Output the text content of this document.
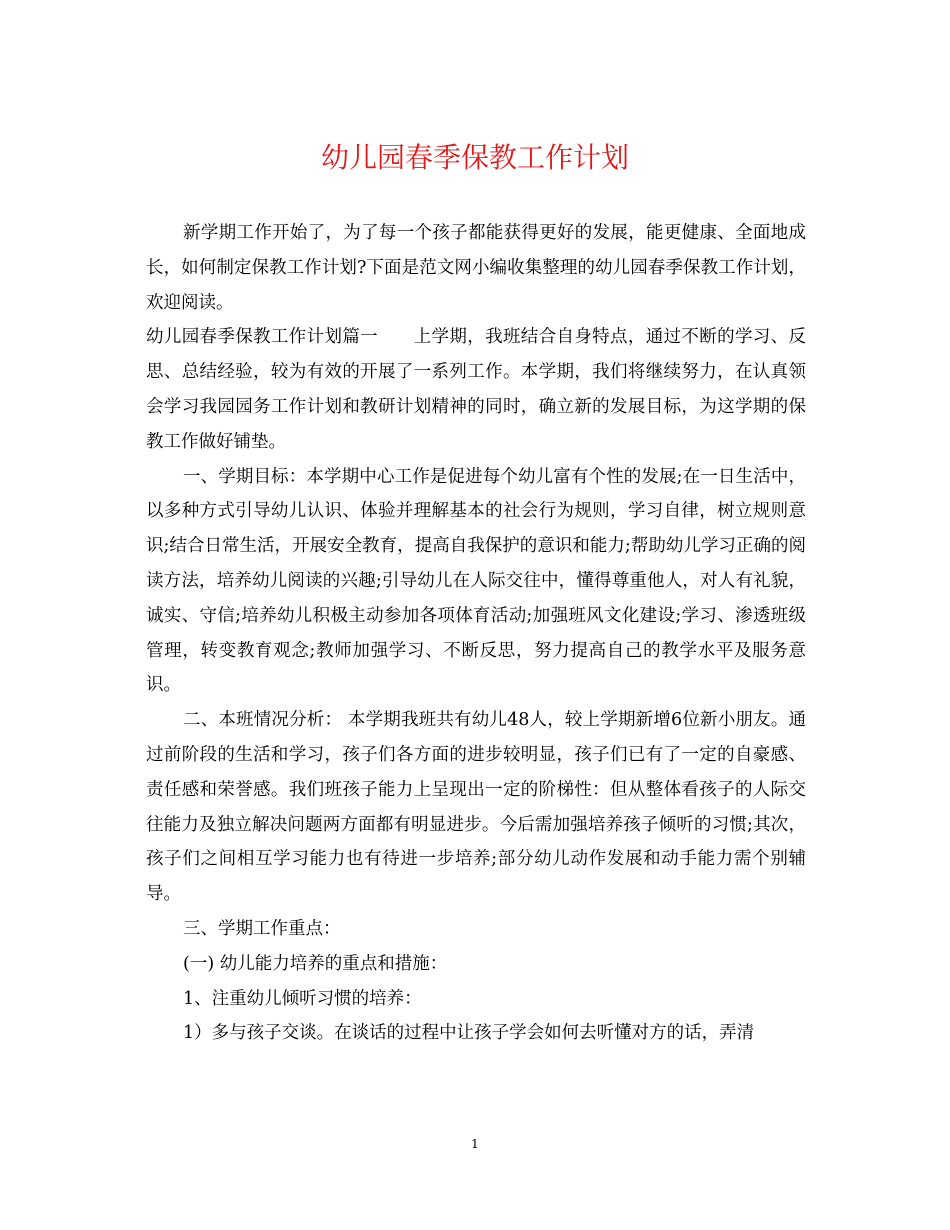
幼儿园春季保教工作计划

新学期工作开始了，为了每一个孩子都能获得更好的发展，能更健康、全面地成长，如何制定保教工作计划?下面是范文网小编收集整理的幼儿园春季保教工作计划，欢迎阅读。

幼儿园春季保教工作计划篇一　　上学期，我班结合自身特点，通过不断的学习、反思、总结经验，较为有效的开展了一系列工作。本学期，我们将继续努力，在认真领会学习我园园务工作计划和教研计划精神的同时，确立新的发展目标，为这学期的保教工作做好铺垫。

一、学期目标：本学期中心工作是促进每个幼儿富有个性的发展;在一日生活中，以多种方式引导幼儿认识、体验并理解基本的社会行为规则，学习自律，树立规则意识;结合日常生活，开展安全教育，提高自我保护的意识和能力;帮助幼儿学习正确的阅读方法，培养幼儿阅读的兴趣;引导幼儿在人际交往中，懂得尊重他人，对人有礼貌，诚实、守信;培养幼儿积极主动参加各项体育活动;加强班风文化建设;学习、渗透班级管理，转变教育观念;教师加强学习、不断反思，努力提高自己的教学水平及服务意识。

二、本班情况分析： 本学期我班共有幼儿48人，较上学期新增6位新小朋友。通过前阶段的生活和学习，孩子们各方面的进步较明显，孩子们已有了一定的自豪感、责任感和荣誉感。我们班孩子能力上呈现出一定的阶梯性：但从整体看孩子的人际交往能力及独立解决问题两方面都有明显进步。今后需加强培养孩子倾听的习惯;其次，孩子们之间相互学习能力也有待进一步培养;部分幼儿动作发展和动手能力需个别辅导。

三、学期工作重点：

(一) 幼儿能力培养的重点和措施：

1、注重幼儿倾听习惯的培养：

1）多与孩子交谈。在谈话的过程中让孩子学会如何去听懂对方的话，弄清

1
